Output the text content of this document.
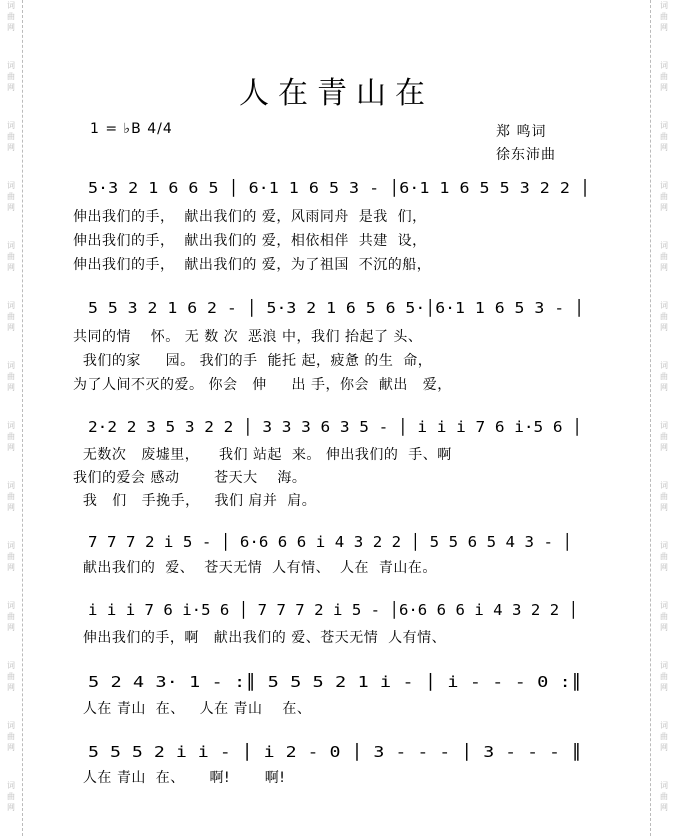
词
曲
网
词
曲
网
词
曲
网
词
曲
网
词
曲
网
词
曲
网
词
曲
网
词
曲
网
词
曲
网
词
曲
网
词
曲
网
词
曲
网
词
曲
网
词
曲
网
词
曲
网
词
曲
网
词
曲
网
词
曲
网
词
曲
网
词
曲
网
词
曲
网
词
曲
网
词
曲
网
词
曲
网
词
曲
网
词
曲
网
词
曲
网
词
曲
网
人在青山在
1 = ♭B 4/4	郑 鸣词
徐东沛曲
5·3 2 1 6 6 5 │ 6·1 1 6 5 3 - │6·1 1 6 5 5 3 2 2 │
伸出我们的手，  献出我们的 爱，风雨同舟  是我  们，
伸出我们的手，  献出我们的 爱，相依相伴  共建  设，
伸出我们的手，  献出我们的 爱，为了祖国  不沉的船，
5 5 3 2 1 6 2 - │ 5·3 2 1 6 5 6 5·│6·1 1 6 5 3 - │
共同的情    怀。 无 数 次  恶浪 中，我们 抬起了 头、
我们的家     园。 我们的手  能托 起，疲惫 的生  命，
为了人间不灭的爱。 你会   伸     出 手，你会  献出   爱，
2·2 2 3 5 3 2 2 │ 3 3 3 6 3 5 - │ i i i 7 6 i·5 6 │
无数次   废墟里，    我们 站起  来。 伸出我们的  手、啊
我们的爱会 感动       苍天大    海。
我   们   手挽手，   我们 肩并  肩。
7 7 7 2 i 5 - │ 6·6 6 6 i 4 3 2 2 │ 5 5 6 5 4 3 - │
献出我们的  爱、  苍天无情  人有情、  人在  青山在。
i i i 7 6 i·5 6 │ 7 7 7 2 i 5 - │6·6 6 6 i 4 3 2 2 │
伸出我们的手，啊   献出我们的 爱、苍天无情  人有情、
5 2 4 3· 1 - :║ 5 5 5 2 1 i - │ i - - - 0 :║
人在 青山  在、   人在 青山    在、
5 5 5 2 i i - │ i 2 - 0 │ 3 - - - │ 3 - - - ║
人在 青山  在、     啊!       啊!
